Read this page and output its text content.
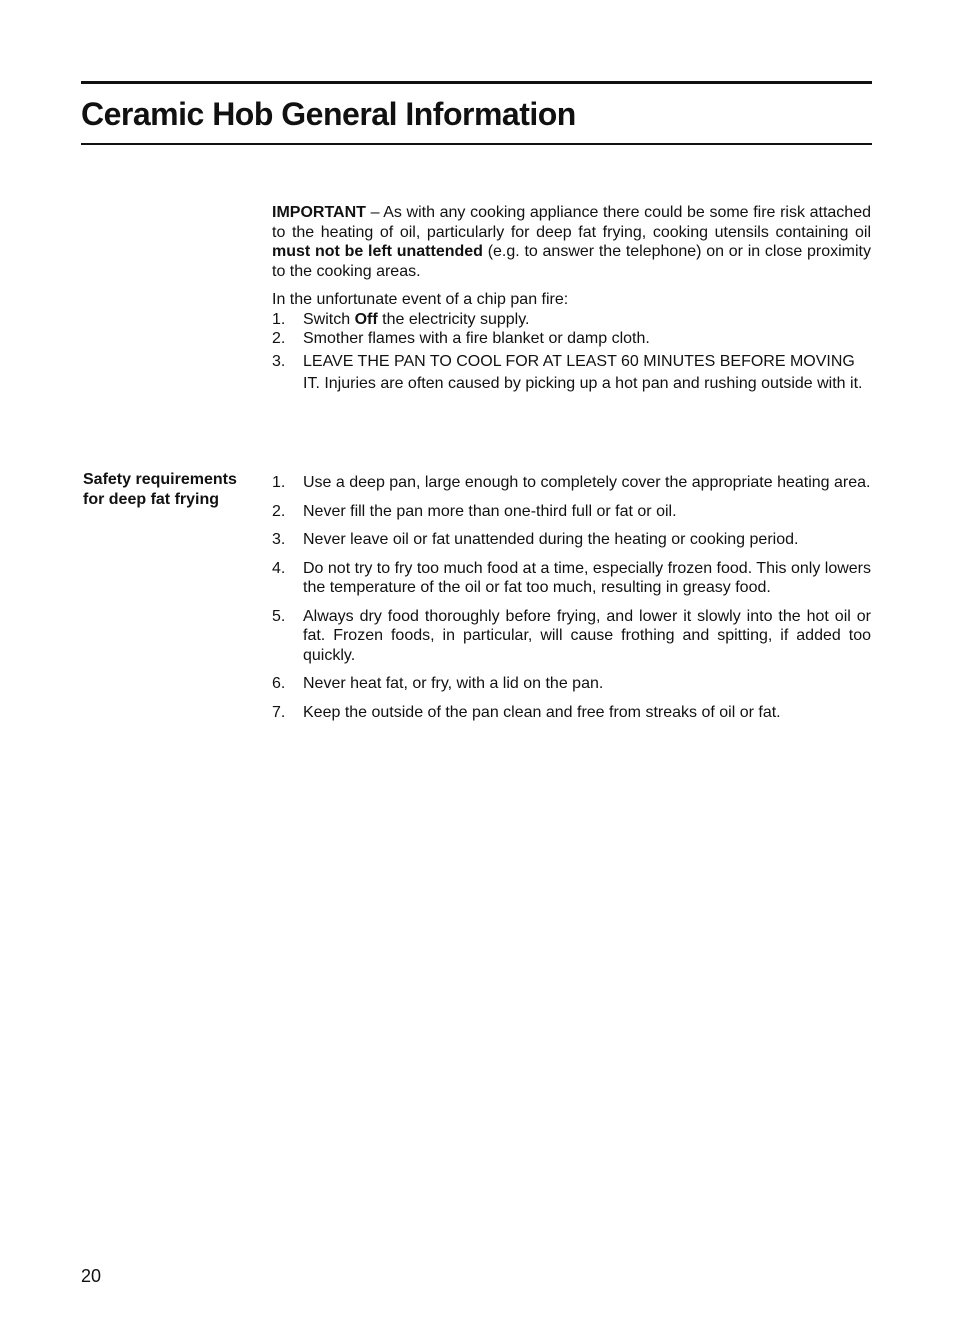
Ceramic Hob General Information

IMPORTANT – As with any cooking appliance there could be some fire risk attached to the heating of oil, particularly for deep fat frying, cooking utensils containing oil must not be left unattended (e.g. to answer the telephone) on or in close proximity to the cooking areas.

In the unfortunate event of a chip pan fire:

1. Switch Off the electricity supply.
2. Smother flames with a fire blanket or damp cloth.
3. LEAVE THE PAN TO COOL FOR AT LEAST 60 MINUTES BEFORE MOVING IT. Injuries are often caused by picking up a hot pan and rushing outside with it.
Safety requirements for deep fat frying
1. Use a deep pan, large enough to completely cover the appropriate heating area.
2. Never fill the pan more than one-third full or fat or oil.
3. Never leave oil or fat unattended during the heating or cooking period.
4. Do not try to fry too much food at a time, especially frozen food. This only lowers the temperature of the oil or fat too much, resulting in greasy food.
5. Always dry food thoroughly before frying, and lower it slowly into the hot oil or fat. Frozen foods, in particular, will cause frothing and spitting, if added too quickly.
6. Never heat fat, or fry, with a lid on the pan.
7. Keep the outside of the pan clean and free from streaks of oil or fat.
20
